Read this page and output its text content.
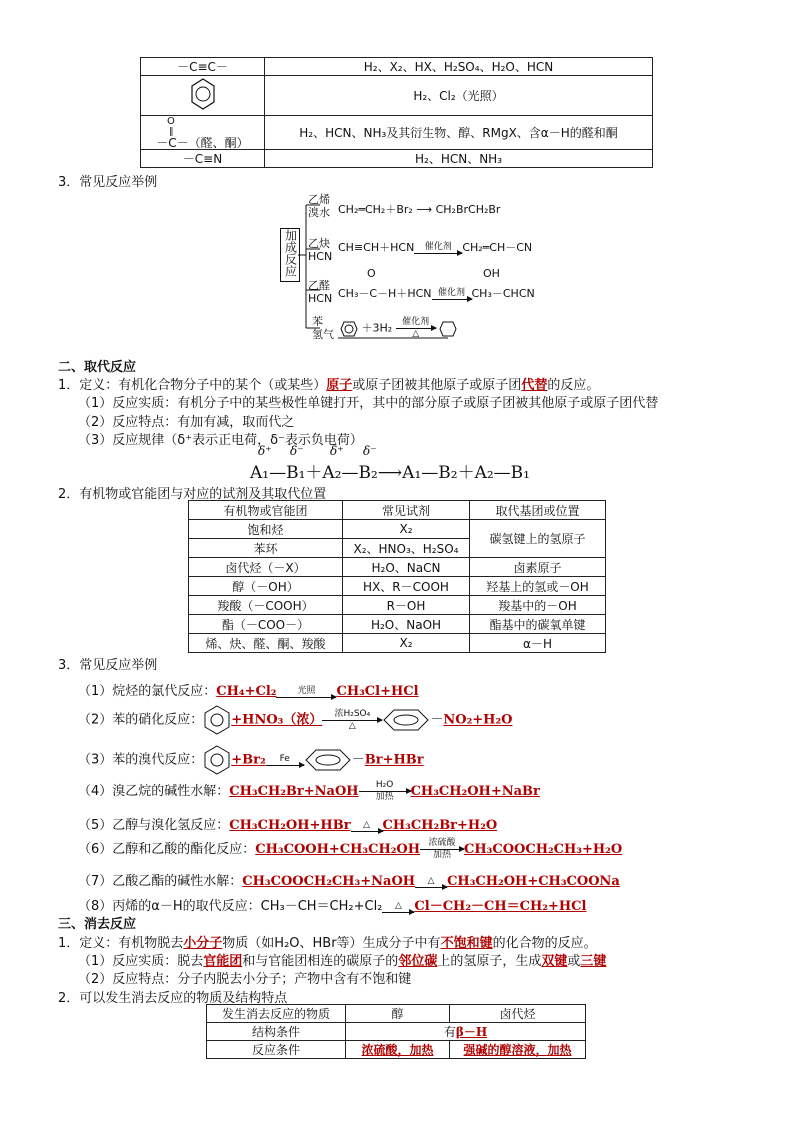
－C≡C－	H₂、X₂、HX、H₂SO₄、H₂O、HCN
	H₂、Cl₂（光照）

O
‖
－C－（醛、酮）	H₂、HCN、NH₃及其衍生物、醇、RMgX、含α－H的醛和酮
－C≡N	H₂、HCN、NH₃
3．常见反应举例
加成反应
乙烯
溴水 CH₂═CH₂＋Br₂ ⟶ CH₂BrCH₂Br
乙炔
HCN
CH≡CH＋HCN	催化剂 CH₂═CH－CN
乙醛
HCN
O	OH
CH₃－C－H＋HCN 催化剂 CH₃－CHCN
苯
氢气	＋3H₂	催化剂
△

二、取代反应
1．定义：有机化合物分子中的某个（或某些）原子或原子团被其他原子或原子团代替的反应。
（1）反应实质：有机分子中的某些极性单键打开，其中的部分原子或原子团被其他原子或原子团代替
（2）反应特点：有加有减，取而代之
（3）反应规律（δ⁺表示正电荷，δ⁻表示负电荷）
δ⁺ δ⁻ δ⁺ δ⁻
A₁—B₁＋A₂—B₂⟶A₁—B₂＋A₂—B₁
2．有机物或官能团与对应的试剂及其取代位置
有机物或官能团	常见试剂	取代基团或位置
饱和烃	X₂	碳氢键上的氢原子
苯环	X₂、HNO₃、H₂SO₄	
卤代烃（－X）	H₂O、NaCN	卤素原子
醇（－OH）	HX、R－COOH	羟基上的氢或－OH
羧酸（－COOH）	R－OH	羧基中的－OH
酯（－COO－）	H₂O、NaOH	酯基中的碳氧单键
烯、炔、醛、酮、羧酸	X₂	α－H
3．常见反应举例
（1）烷烃的氯代反应：CH₄+Cl₂	光照	CH₃Cl+HCl
（2）苯的硝化反应： +HNO₃（浓）	浓H₂SO₄
△	－NO₂+H₂O
（3）苯的溴代反应： +Br₂	Fe	－Br+HBr
（4）溴乙烷的碱性水解：CH₃CH₂Br+NaOH	H₂O
加热	CH₃CH₂OH+NaBr
（5）乙醇与溴化氢反应：CH₃CH₂OH+HBr	△ CH₃CH₂Br+H₂O
（6）乙醇和乙酸的酯化反应：CH₃COOH+CH₃CH₂OH 浓硫酸
加热	CH₃COOCH₂CH₃+H₂O
（7）乙酸乙酯的碱性水解：CH₃COOCH₂CH₃+NaOH	△ CH₃CH₂OH+CH₃COONa
（8）丙烯的α－H的取代反应：CH₃－CH＝CH₂+Cl₂	△ Cl－CH₂－CH＝CH₂+HCl
三、消去反应
1．定义：有机物脱去小分子物质（如H₂O、HBr等）生成分子中有不饱和键的化合物的反应。
（1）反应实质：脱去官能团和与官能团相连的碳原子的邻位碳上的氢原子，生成双键或三键
（2）反应特点：分子内脱去小分子；产物中含有不饱和键
2．可以发生消去反应的物质及结构特点
发生消去反应的物质	醇	卤代烃
结构条件	有β－H	
反应条件	浓硫酸，加热	强碱的醇溶液，加热
